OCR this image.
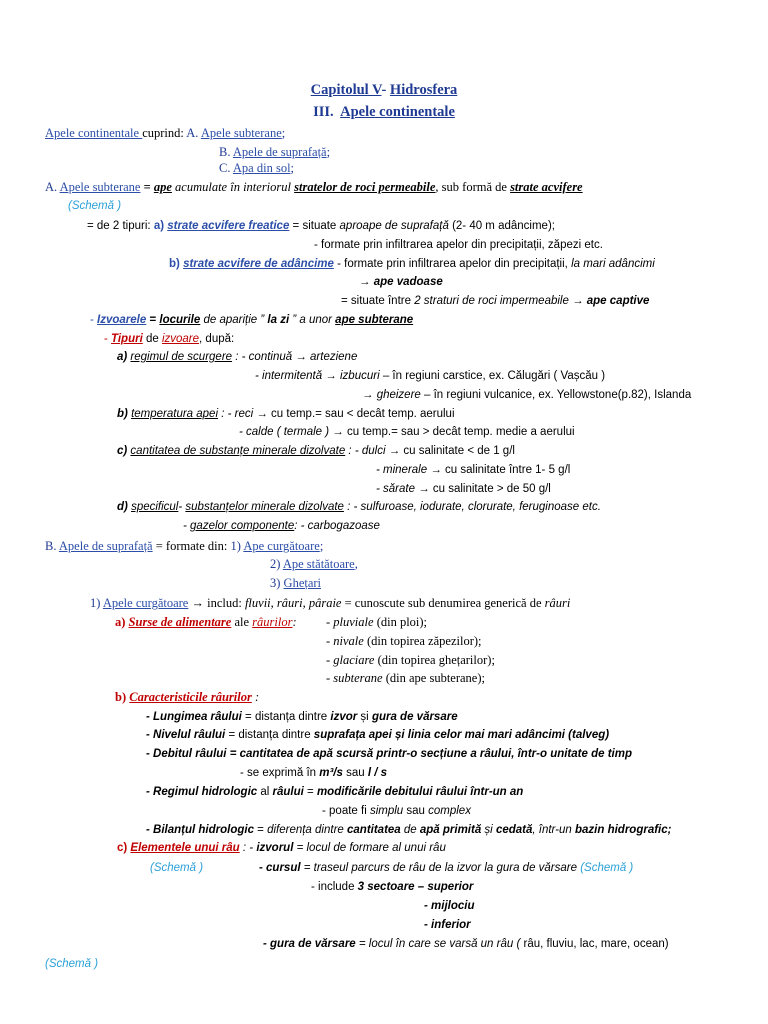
Capitolul V- Hidrosfera
III. Apele continentale
Apele continentale cuprind: A. Apele subterane;
B. Apele de suprafață;
C. Apa din sol;
A. Apele subterane = ape acumulate în interiorul stratelor de roci permeabile, sub formă de strate acvifere
(Schemă )
= de 2 tipuri: a) strate acvifere freatice = situate aproape de suprafață (2- 40 m adâncime);
- formate prin infiltrarea apelor din precipitații, zăpezi etc.
b) strate acvifere de adâncime - formate prin infiltrarea apelor din precipitații, la mari adâncimi
→ ape vadoase
= situate între 2 straturi de roci impermeabile → ape captive
- Izvoarele = locurile de apariție ” la zi ” a unor ape subterane
- Tipuri de izvoare, după:
a) regimul de scurgere : - continuă → arteziene
- intermitentă → izbucuri – în regiuni carstice, ex. Călugări ( Vașcău )
→ gheizere – în regiuni vulcanice, ex. Yellowstone(p.82), Islanda
b) temperatura apei : - reci → cu temp.= sau < decât temp. aerului
- calde ( termale ) → cu temp.= sau > decât temp. medie a aerului
c) cantitatea de substanțe minerale dizolvate : - dulci → cu salinitate < de 1 g/l
- minerale → cu salinitate între 1- 5 g/l
- sărate → cu salinitate > de 50 g/l
d) specificul- substanțelor minerale dizolvate : - sulfuroase, iodurate, clorurate, feruginoase etc.
- gazelor componente: - carbogazoase
B. Apele de suprafață = formate din: 1) Ape curgătoare;
2) Ape stătătoare,
3) Ghețari
1) Apele curgătoare → includ: fluvii, râuri, pâraie = cunoscute sub denumirea generică de râuri
a) Surse de alimentare ale râurilor: - pluviale (din ploi);
- nivale (din topirea zăpezilor);
- glaciare (din topirea ghețarilor);
- subterane (din ape subterane);
b) Caracteristicile râurilor :
- Lungimea râului = distanța dintre izvor și gura de vărsare
- Nivelul râului = distanța dintre suprafața apei și linia celor mai mari adâncimi (talveg)
- Debitul râului = cantitatea de apă scursă printr-o secțiune a râului, într-o unitate de timp
- se exprimă în m³/s sau l / s
- Regimul hidrologic al râului = modificările debitului râului într-un an
- poate fi simplu sau complex
- Bilanțul hidrologic = diferența dintre cantitatea de apă primită și cedată, într-un bazin hidrografic;
c) Elementele unui râu : - izvorul = locul de formare al unui râu
(Schemă )	- cursul = traseul parcurs de râu de la izvor la gura de vărsare (Schemă )
- include 3 sectoare – superior
- mijlociu
- inferior
- gura de vărsare = locul în care se varsă un râu ( râu, fluviu, lac, mare, ocean)
(Schemă )
